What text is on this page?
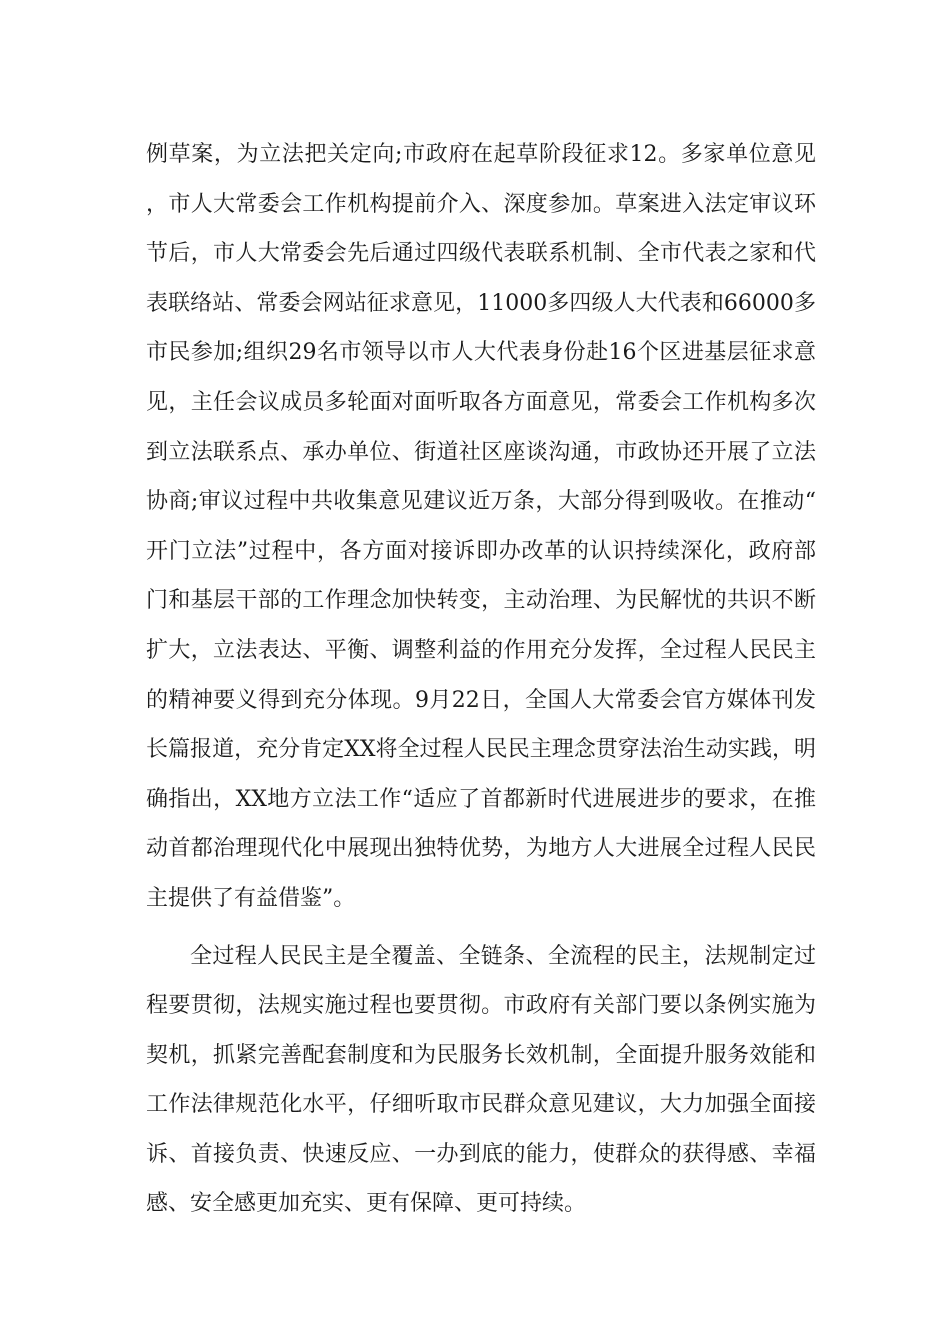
例草案，为立法把关定向;市政府在起草阶段征求12。多家单位意见，市人大常委会工作机构提前介入、深度参加。草案进入法定审议环节后，市人大常委会先后通过四级代表联系机制、全市代表之家和代表联络站、常委会网站征求意见，11000多四级人大代表和66000多市民参加;组织29名市领导以市人大代表身份赴16个区进基层征求意见，主任会议成员多轮面对面听取各方面意见，常委会工作机构多次到立法联系点、承办单位、街道社区座谈沟通，市政协还开展了立法协商;审议过程中共收集意见建议近万条，大部分得到吸收。在推动“开门立法”过程中，各方面对接诉即办改革的认识持续深化，政府部门和基层干部的工作理念加快转变，主动治理、为民解忧的共识不断扩大，立法表达、平衡、调整利益的作用充分发挥，全过程人民民主的精神要义得到充分体现。9月22日，全国人大常委会官方媒体刊发长篇报道，充分肯定XX将全过程人民民主理念贯穿法治生动实践，明确指出，XX地方立法工作“适应了首都新时代进展进步的要求，在推动首都治理现代化中展现出独特优势，为地方人大进展全过程人民民主提供了有益借鉴”。

全过程人民民主是全覆盖、全链条、全流程的民主，法规制定过程要贯彻，法规实施过程也要贯彻。市政府有关部门要以条例实施为契机，抓紧完善配套制度和为民服务长效机制，全面提升服务效能和工作法律规范化水平，仔细听取市民群众意见建议，大力加强全面接诉、首接负责、快速反应、一办到底的能力，使群众的获得感、幸福感、安全感更加充实、更有保障、更可持续。
